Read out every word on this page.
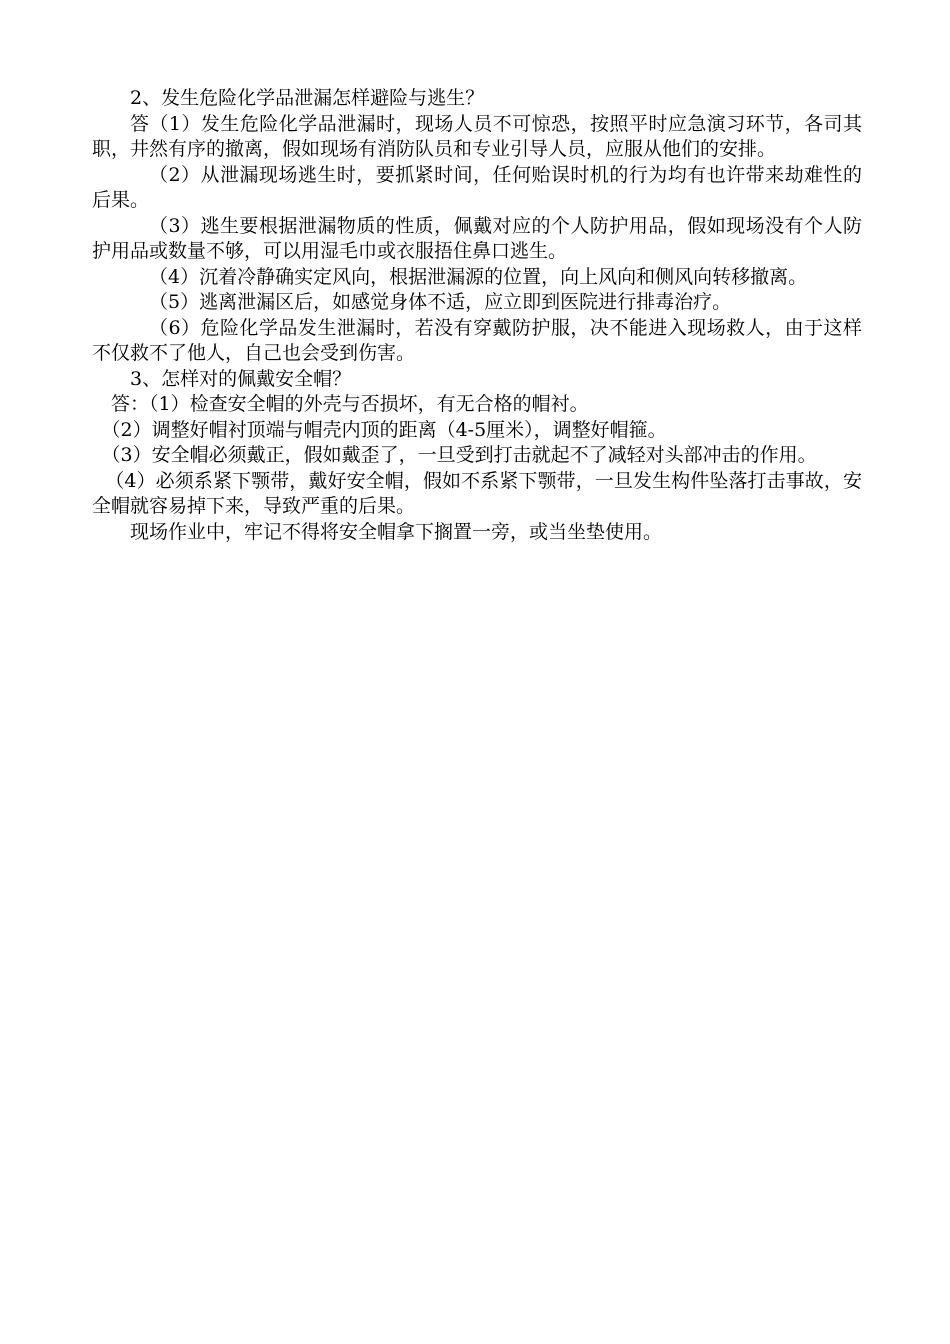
2、发生危险化学品泄漏怎样避险与逃生？

答（1）发生危险化学品泄漏时，现场人员不可惊恐，按照平时应急演习环节，各司其职，井然有序的撤离，假如现场有消防队员和专业引导人员，应服从他们的安排。

（2）从泄漏现场逃生时，要抓紧时间，任何贻误时机的行为均有也许带来劫难性的后果。

（3）逃生要根据泄漏物质的性质，佩戴对应的个人防护用品，假如现场没有个人防护用品或数量不够，可以用湿毛巾或衣服捂住鼻口逃生。

（4）沉着冷静确实定风向，根据泄漏源的位置，向上风向和侧风向转移撤离。

（5）逃离泄漏区后，如感觉身体不适，应立即到医院进行排毒治疗。

（6）危险化学品发生泄漏时，若没有穿戴防护服，决不能进入现场救人，由于这样不仅救不了他人，自己也会受到伤害。

3、怎样对的佩戴安全帽？

答：（1）检查安全帽的外壳与否损坏，有无合格的帽衬。

（2）调整好帽衬顶端与帽壳内顶的距离（4-5厘米），调整好帽箍。

（3）安全帽必须戴正，假如戴歪了，一旦受到打击就起不了减轻对头部冲击的作用。

（4）必须系紧下颚带，戴好安全帽，假如不系紧下颚带，一旦发生构件坠落打击事故，安全帽就容易掉下来，导致严重的后果。

现场作业中，牢记不得将安全帽拿下搁置一旁，或当坐垫使用。
